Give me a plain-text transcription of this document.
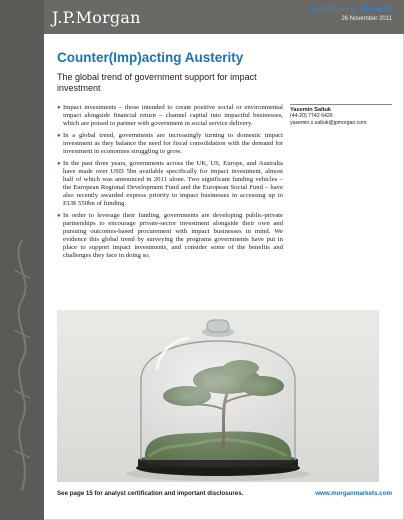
J.P.Morgan	Social Finance Research
26 November 2011
Counter(Imp)acting Austerity
The global trend of government support for impact investment
Yasemin Saltuk
(44-20) 7742 6426
yasemin.x.saltuk@jpmorgan.com
● Impact investments – those intended to create positive social or environmental impact alongside financial return – channel capital into impactful businesses, which are poised to partner with government in social service delivery.
● In a global trend, governments are increasingly turning to domestic impact investment as they balance the need for fiscal consolidation with the demand for investment in economies struggling to grow.
● In the past three years, governments across the UK, US, Europe, and Australia have made over USD 5bn available specifically for impact investment, almost half of which was announced in 2011 alone. Two significant funding vehicles – the European Regional Development Fund and the European Social Fund – have also recently awarded express priority to impact businesses in accessing up to EUR 550bn of funding.
● In order to leverage their funding, governments are developing public-private partnerships to encourage private-sector investment alongside their own and pursuing outcomes-based procurement with impact businesses in mind. We evidence this global trend by surveying the programs governments have put in place to support impact investments, and consider some of the benefits and challenges they face in doing so.
See page 15 for analyst certification and important disclosures.	www.morganmarkets.com
